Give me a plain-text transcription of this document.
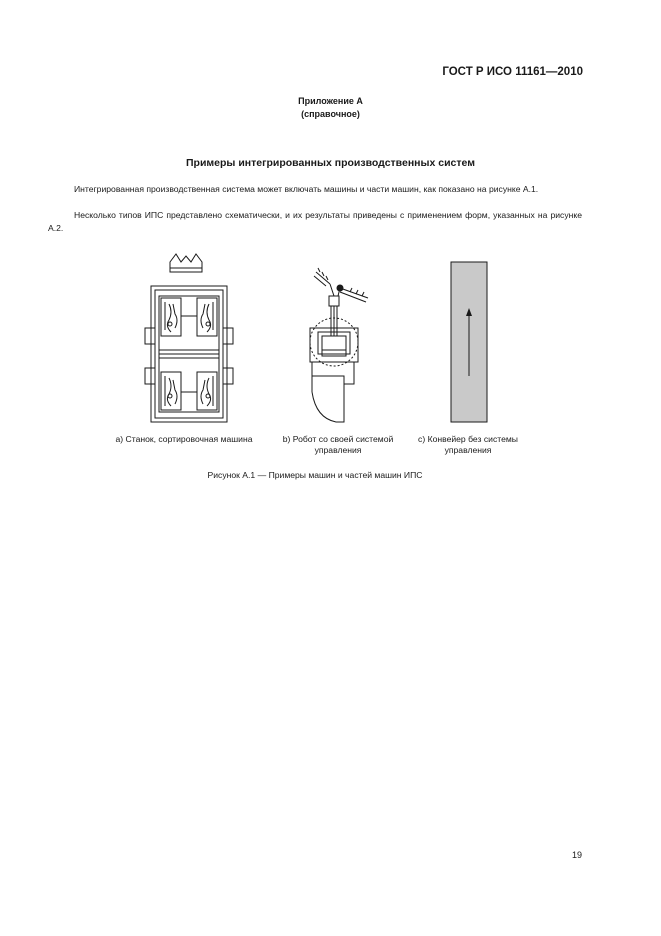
ГОСТ Р ИСО 11161—2010
Приложение А
(справочное)
Примеры интегрированных производственных систем
Интегрированная производственная система может включать машины и части машин, как показано на рисунке А.1.
Несколько типов ИПС представлено схематически, и их результаты приведены с применением форм, указанных на рисунке А.2.
а) Станок, сортировочная машина	b) Робот со своей системой управления
с) Конвейер без системы управления
Рисунок А.1 — Примеры машин и частей машин ИПС
19
